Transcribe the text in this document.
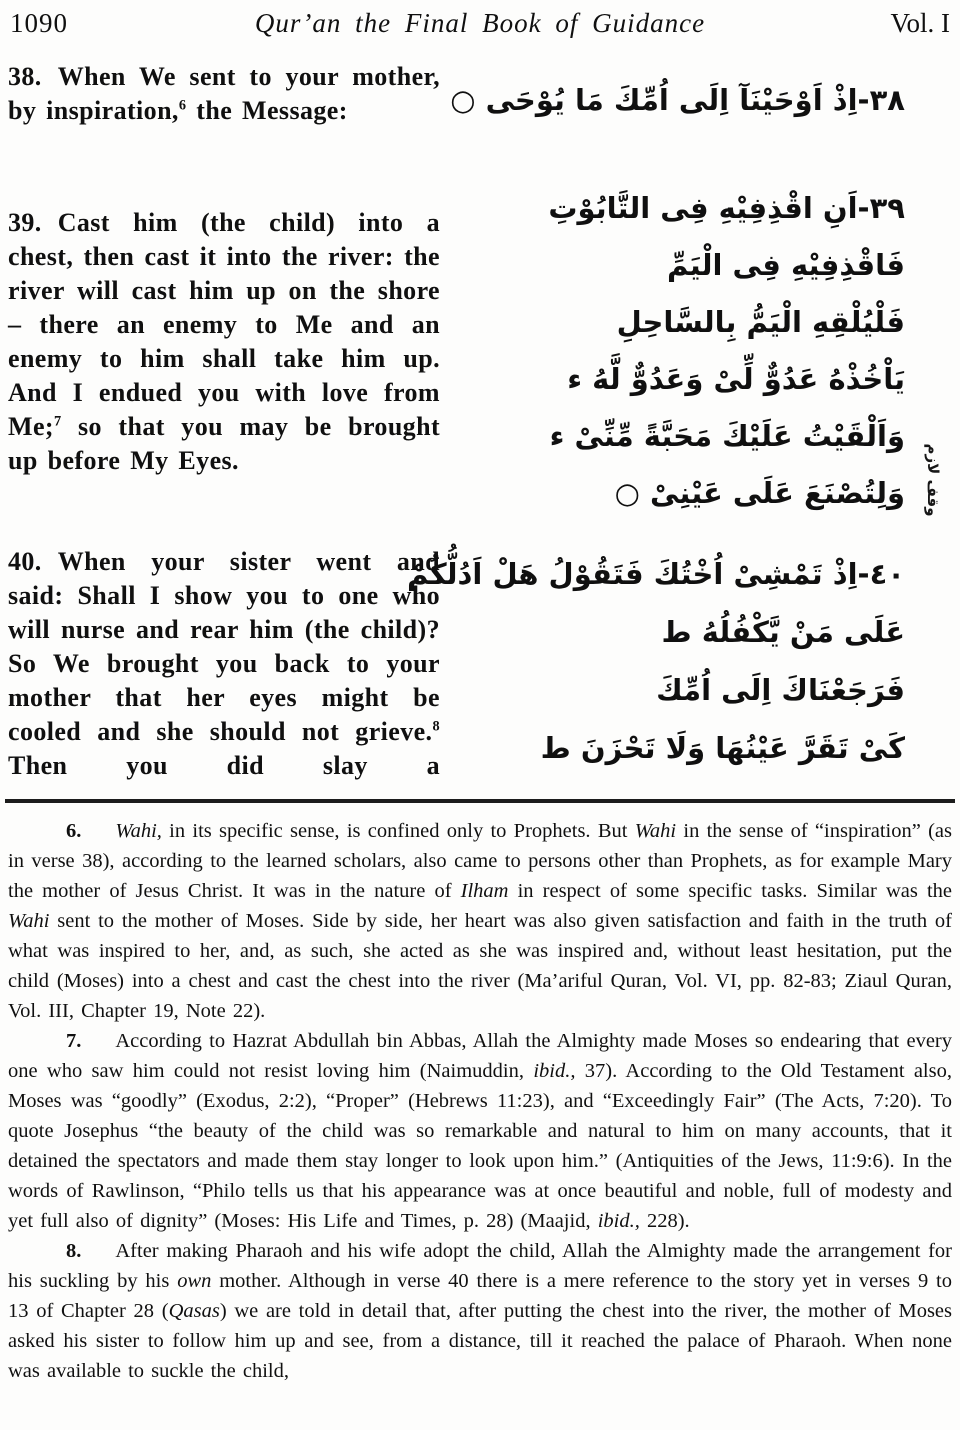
1090	Qur’an the Final Book of Guidance	Vol. I
38. When We sent to your mother, by inspiration,$^6$ the Message:
39. Cast him (the child) into a chest, then cast it into the river: the river will cast him up on the shore – there an enemy to Me and an enemy to him shall take him up. And I endued you with love from Me;$^7$ so that you may be brought up before My Eyes.
40. When your sister went and said: Shall I show you to one who will nurse and rear him (the child)? So We brought you back to your mother that her eyes might be cooled and she should not grieve.$^8$ Then you did slay a
٣٨-اِذْ اَوْحَيْنَآ اِلَى اُمِّكَ مَا يُوْحَى ○
٣٩-اَنِ اقْذِفِيْهِ فِى التَّابُوْتِ
فَاقْذِفِيْهِ فِى الْيَمِّ
فَلْيُلْقِهِ الْيَمُّ بِالسَّاحِلِ
يَاْخُذْهُ عَدُوٌّ لِّىْ وَعَدُوٌّ لَّهُ ء
وَاَلْقَيْتُ عَلَيْكَ مَحَبَّةً مِّنِّىْ ء
وَلِتُصْنَعَ عَلَى عَيْنِىْ ○
٤٠-اِذْ تَمْشِىْ اُخْتُكَ فَتَقُوْلُ هَلْ اَدُلُّكُمْ
عَلَى مَنْ يَّكْفُلُهُ ط
فَرَجَعْنَاكَ اِلَى اُمِّكَ
كَىْ تَقَرَّ عَيْنُهَا وَلَا تَحْزَنَ ط
وقف لازم

6. Wahi, in its specific sense, is confined only to Prophets. But Wahi in the sense of “inspiration” (as in verse 38), according to the learned scholars, also came to persons other than Prophets, as for example Mary the mother of Jesus Christ. It was in the nature of Ilham in respect of some specific tasks. Similar was the Wahi sent to the mother of Moses. Side by side, her heart was also given satisfaction and faith in the truth of what was inspired to her, and, as such, she acted as she was inspired and, without least hesitation, put the child (Moses) into a chest and cast the chest into the river (Ma’ariful Quran, Vol. VI, pp. 82-83; Ziaul Quran, Vol. III, Chapter 19, Note 22).

7. According to Hazrat Abdullah bin Abbas, Allah the Almighty made Moses so endearing that every one who saw him could not resist loving him (Naimuddin, ibid., 37). According to the Old Testament also, Moses was “goodly” (Exodus, 2:2), “Proper” (Hebrews 11:23), and “Exceedingly Fair” (The Acts, 7:20). To quote Josephus “the beauty of the child was so remarkable and natural to him on many accounts, that it detained the spectators and made them stay longer to look upon him.” (Antiquities of the Jews, 11:9:6). In the words of Rawlinson, “Philo tells us that his appearance was at once beautiful and noble, full of modesty and yet full also of dignity” (Moses: His Life and Times, p. 28) (Maajid, ibid., 228).

8. After making Pharaoh and his wife adopt the child, Allah the Almighty made the arrangement for his suckling by his own mother. Although in verse 40 there is a mere reference to the story yet in verses 9 to 13 of Chapter 28 (Qasas) we are told in detail that, after putting the chest into the river, the mother of Moses asked his sister to follow him up and see, from a distance, till it reached the palace of Pharaoh. When none was available to suckle the child,
